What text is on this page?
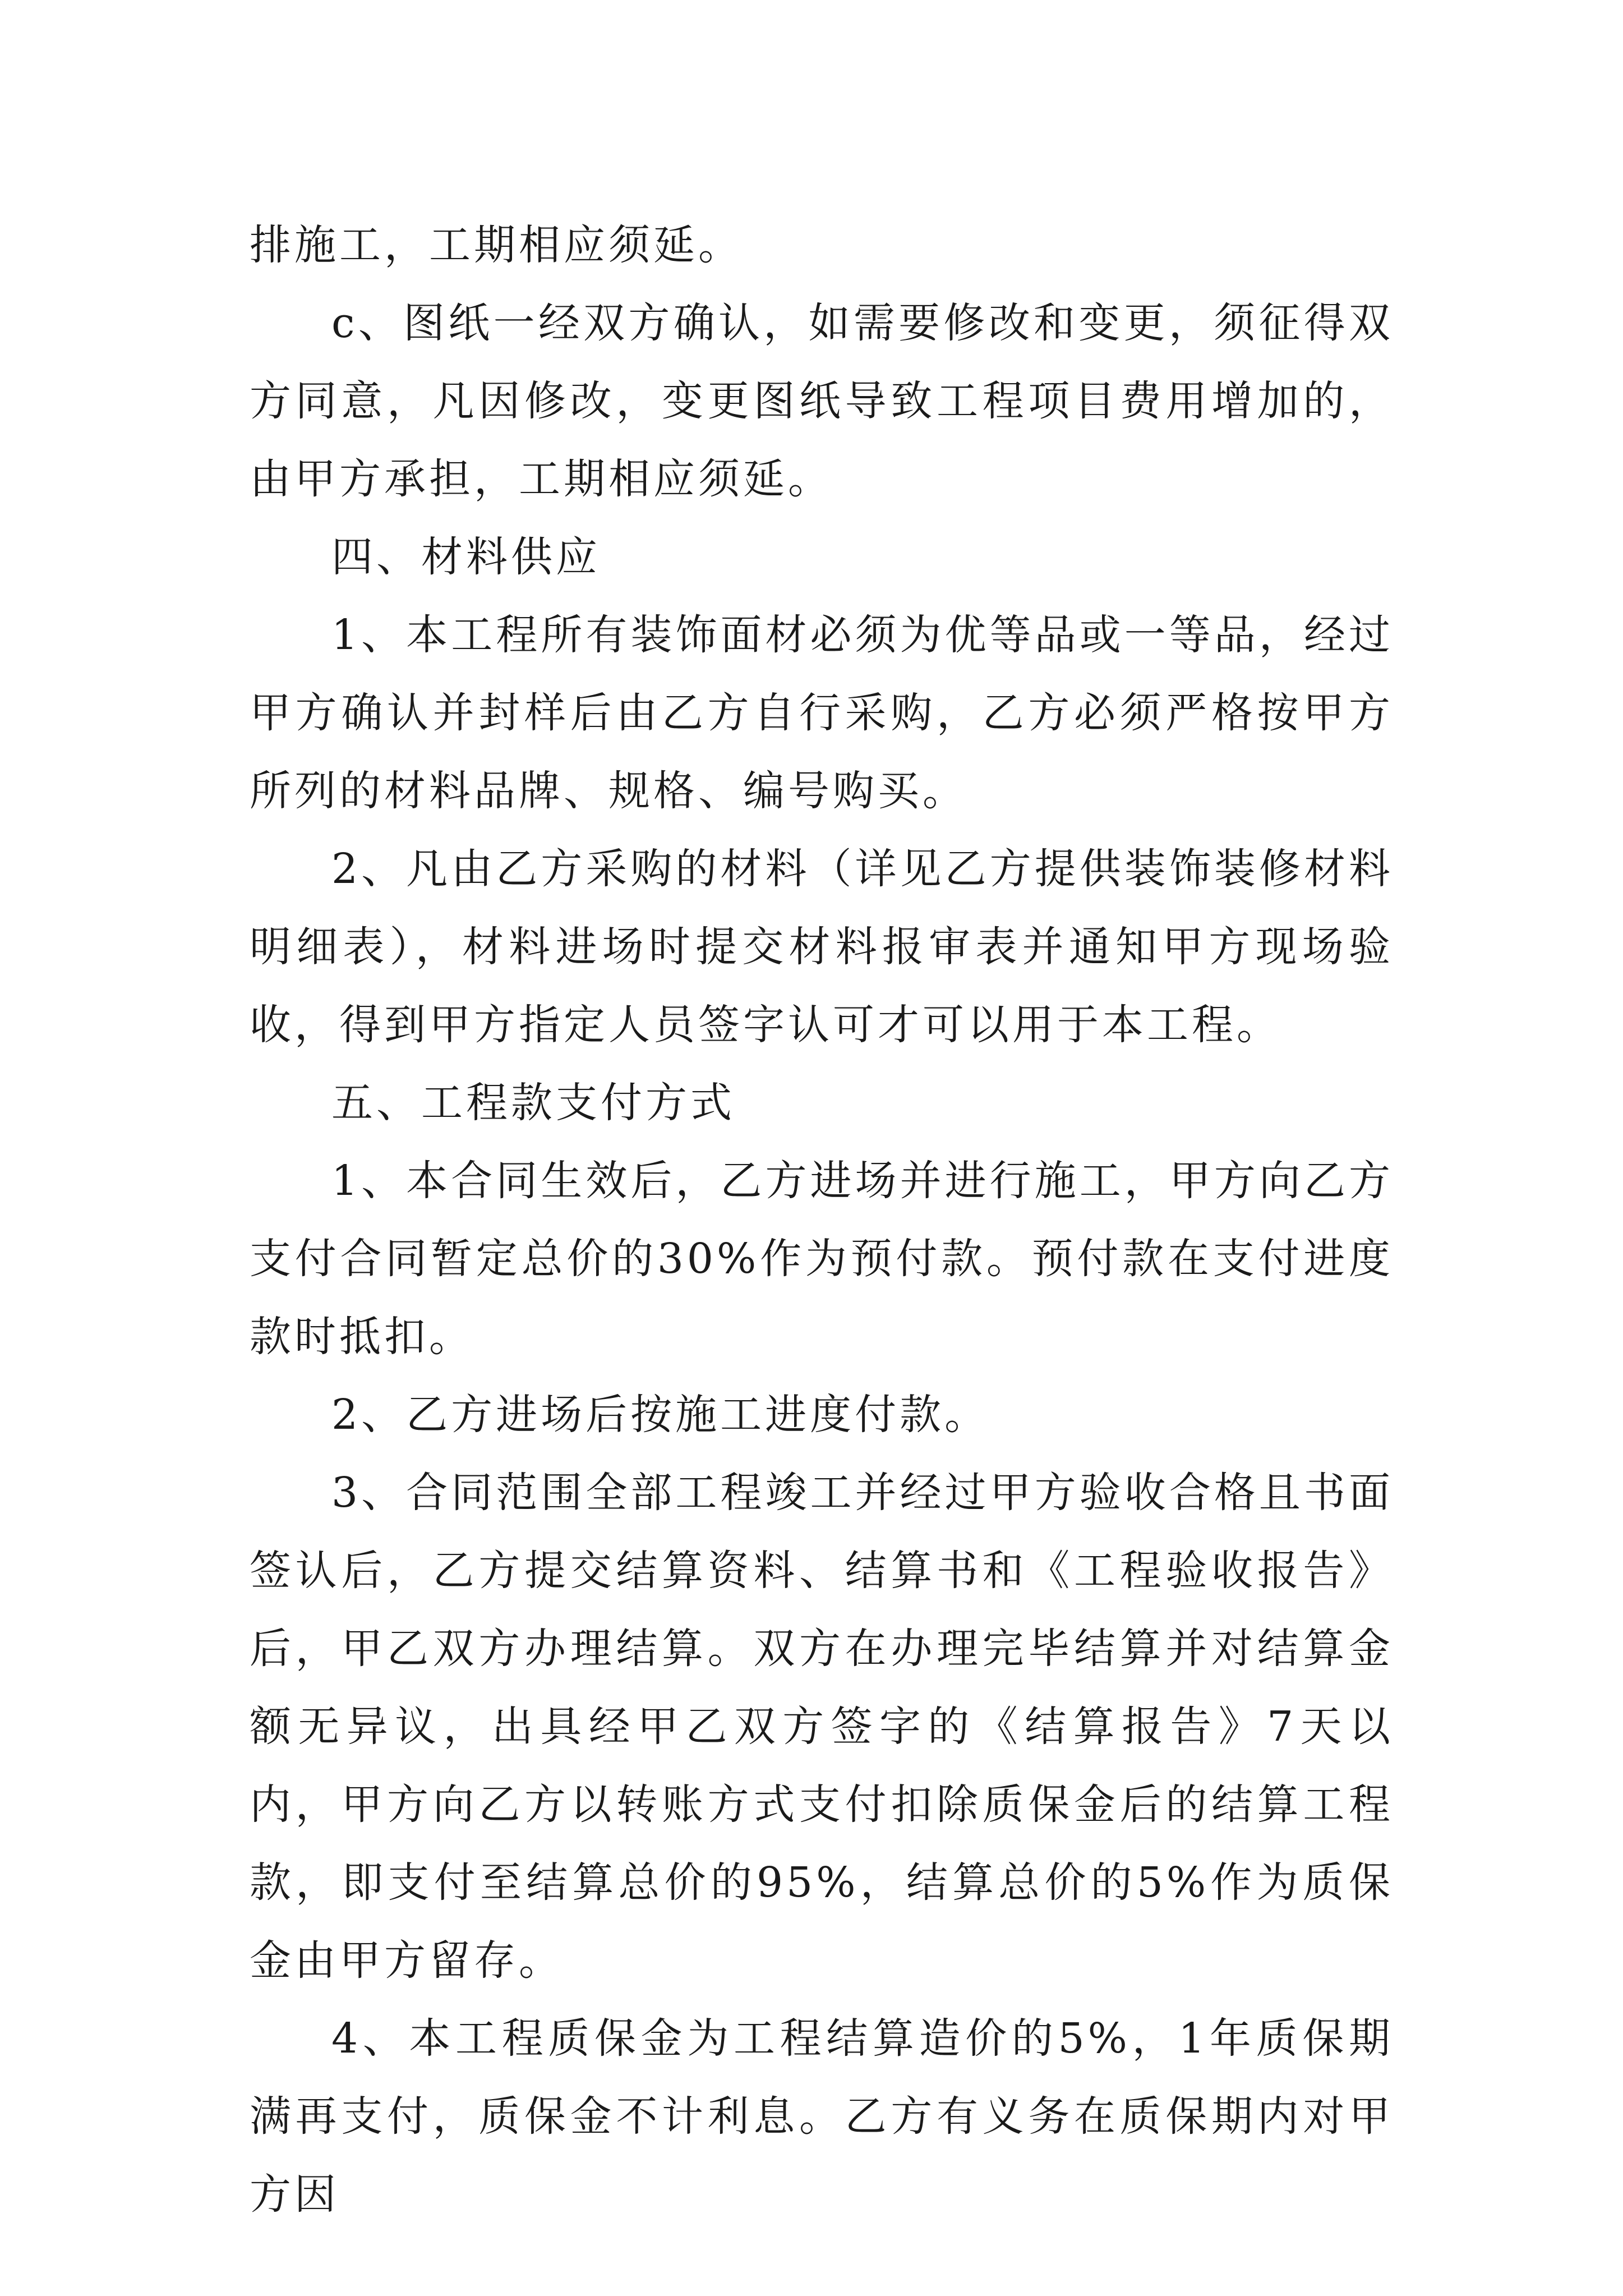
排施工，工期相应须延。

c、图纸一经双方确认，如需要修改和变更，须征得双方同意，凡因修改，变更图纸导致工程项目费用增加的，由甲方承担，工期相应须延。

四、材料供应

1、本工程所有装饰面材必须为优等品或一等品，经过甲方确认并封样后由乙方自行采购，乙方必须严格按甲方所列的材料品牌、规格、编号购买。

2、凡由乙方采购的材料（详见乙方提供装饰装修材料明细表），材料进场时提交材料报审表并通知甲方现场验收，得到甲方指定人员签字认可才可以用于本工程。

五、工程款支付方式

1、本合同生效后，乙方进场并进行施工，甲方向乙方支付合同暂定总价的30%作为预付款。预付款在支付进度款时抵扣。

2、乙方进场后按施工进度付款。

3、合同范围全部工程竣工并经过甲方验收合格且书面签认后，乙方提交结算资料、结算书和《工程验收报告》后，甲乙双方办理结算。双方在办理完毕结算并对结算金额无异议，出具经甲乙双方签字的《结算报告》7天以内，甲方向乙方以转账方式支付扣除质保金后的结算工程款，即支付至结算总价的95%，结算总价的5%作为质保金由甲方留存。

4、本工程质保金为工程结算造价的5%，1年质保期满再支付，质保金不计利息。乙方有义务在质保期内对甲方因
